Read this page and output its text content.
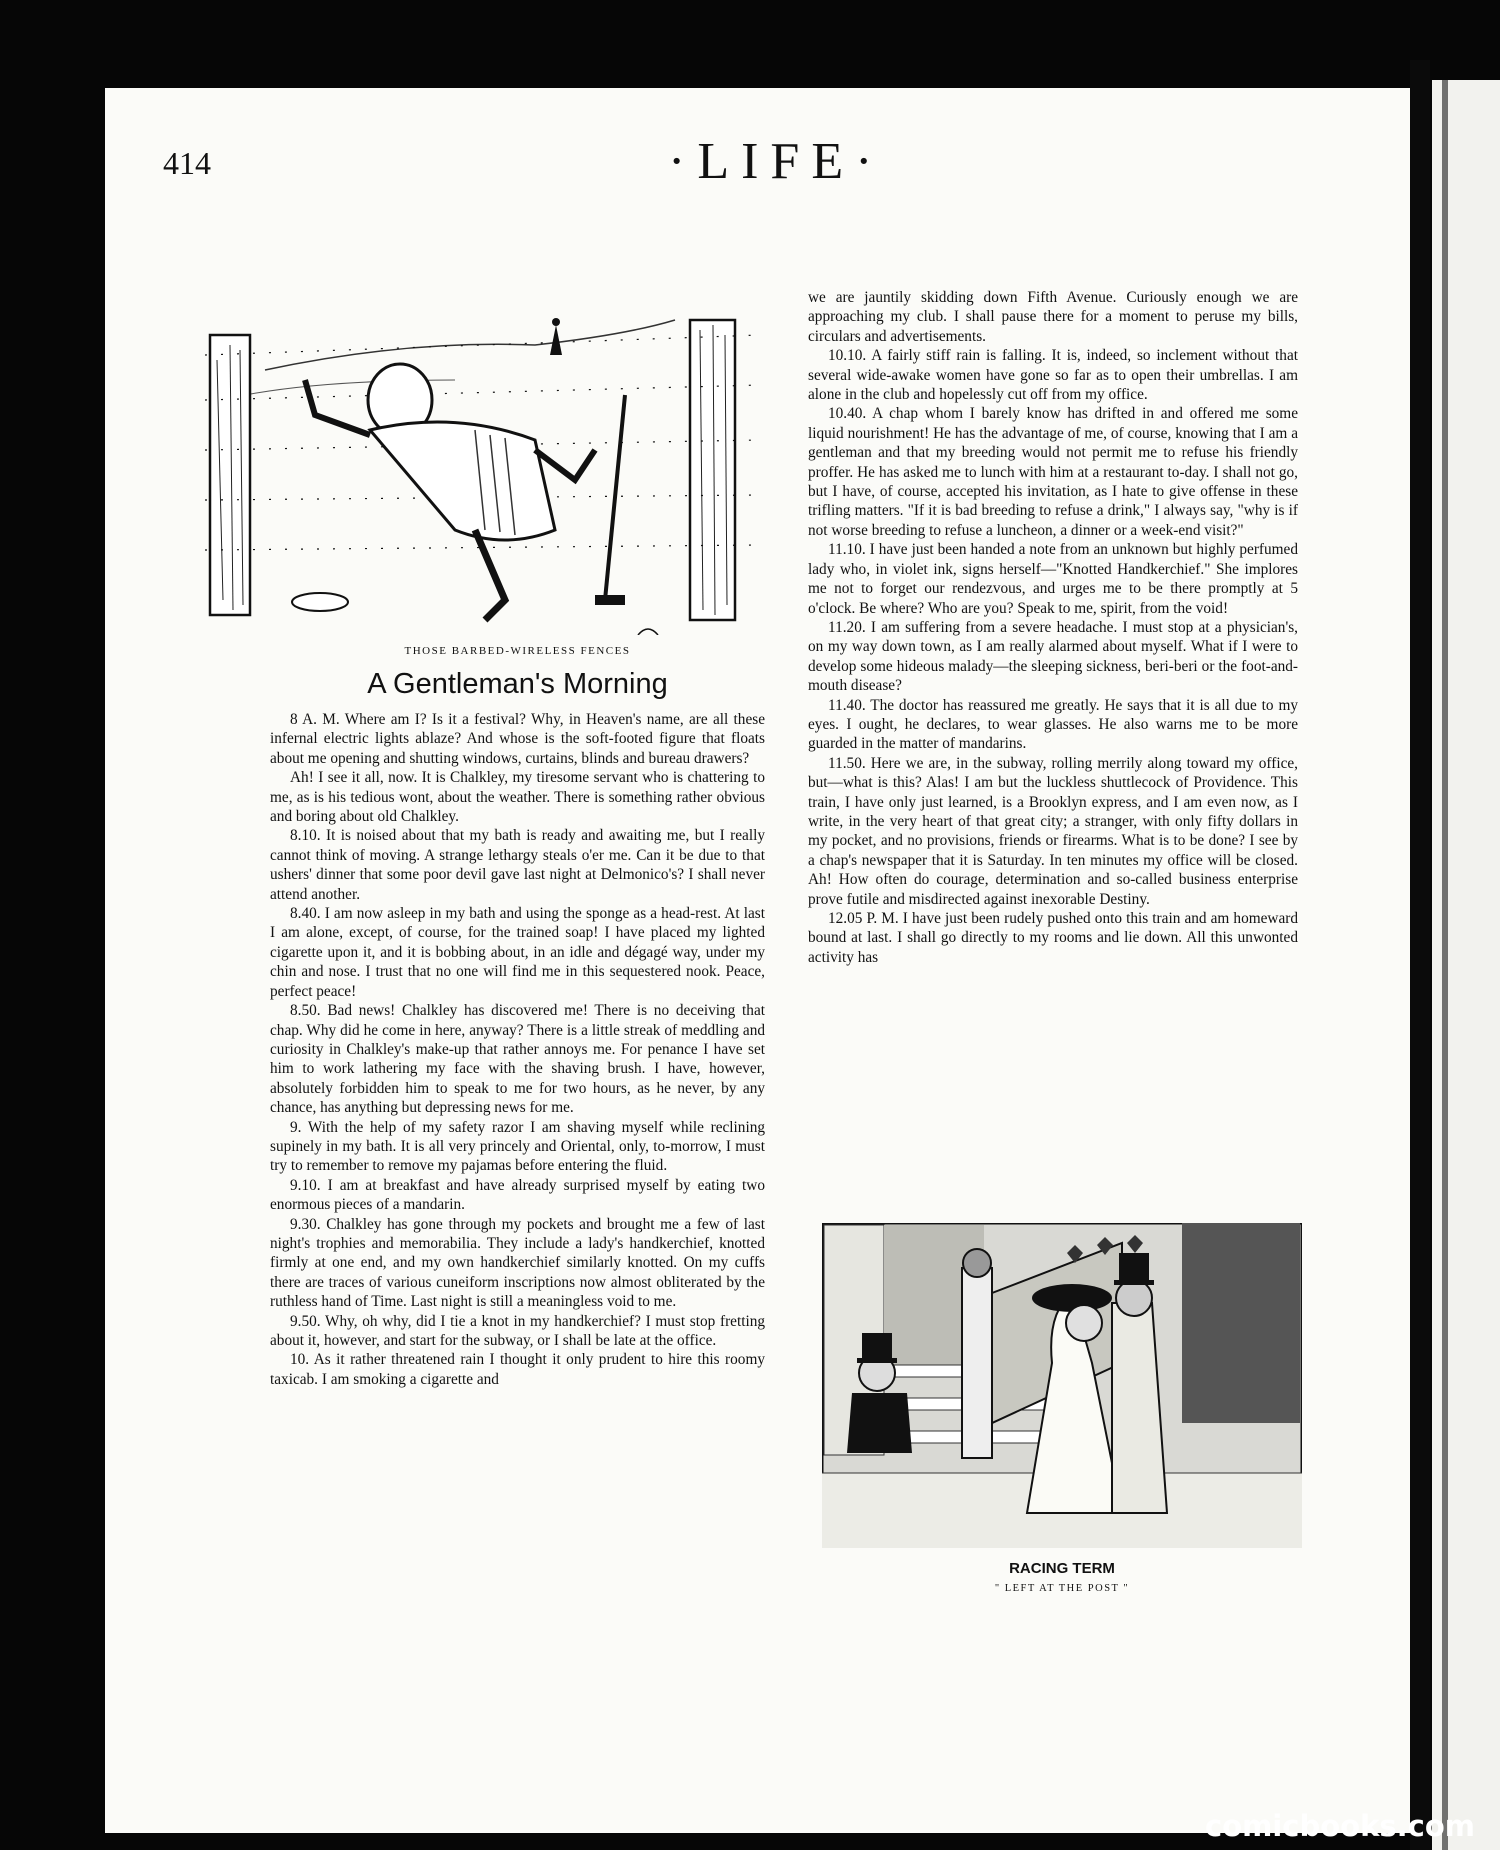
414	·LIFE·
THOSE BARBED-WIRELESS FENCES
A Gentleman's Morning

8 A. M. Where am I? Is it a festival? Why, in Heaven's name, are all these infernal electric lights ablaze? And whose is the soft-footed figure that floats about me opening and shutting windows, curtains, blinds and bureau drawers?

Ah! I see it all, now. It is Chalkley, my tiresome servant who is chattering to me, as is his tedious wont, about the weather. There is something rather obvious and boring about old Chalkley.

8.10. It is noised about that my bath is ready and awaiting me, but I really cannot think of moving. A strange lethargy steals o'er me. Can it be due to that ushers' dinner that some poor devil gave last night at Delmonico's? I shall never attend another.

8.40. I am now asleep in my bath and using the sponge as a head-rest. At last I am alone, except, of course, for the trained soap! I have placed my lighted cigarette upon it, and it is bobbing about, in an idle and dégagé way, under my chin and nose. I trust that no one will find me in this sequestered nook. Peace, perfect peace!

8.50. Bad news! Chalkley has discovered me! There is no deceiving that chap. Why did he come in here, anyway? There is a little streak of meddling and curiosity in Chalkley's make-up that rather annoys me. For penance I have set him to work lathering my face with the shaving brush. I have, however, absolutely forbidden him to speak to me for two hours, as he never, by any chance, has anything but depressing news for me.

9. With the help of my safety razor I am shaving myself while reclining supinely in my bath. It is all very princely and Oriental, only, to-morrow, I must try to remember to remove my pajamas before entering the fluid.

9.10. I am at breakfast and have already surprised myself by eating two enormous pieces of a mandarin.

9.30. Chalkley has gone through my pockets and brought me a few of last night's trophies and memorabilia. They include a lady's handkerchief, knotted firmly at one end, and my own handkerchief similarly knotted. On my cuffs there are traces of various cuneiform inscriptions now almost obliterated by the ruthless hand of Time. Last night is still a meaningless void to me.

9.50. Why, oh why, did I tie a knot in my handkerchief? I must stop fretting about it, however, and start for the subway, or I shall be late at the office.

10. As it rather threatened rain I thought it only prudent to hire this roomy taxicab. I am smoking a cigarette and

we are jauntily skidding down Fifth Avenue. Curiously enough we are approaching my club. I shall pause there for a moment to peruse my bills, circulars and advertisements.

10.10. A fairly stiff rain is falling. It is, indeed, so inclement without that several wide-awake women have gone so far as to open their umbrellas. I am alone in the club and hopelessly cut off from my office.

10.40. A chap whom I barely know has drifted in and offered me some liquid nourishment! He has the advantage of me, of course, knowing that I am a gentleman and that my breeding would not permit me to refuse his friendly proffer. He has asked me to lunch with him at a restaurant to-day. I shall not go, but I have, of course, accepted his invitation, as I hate to give offense in these trifling matters. "If it is bad breeding to refuse a drink," I always say, "why is if not worse breeding to refuse a luncheon, a dinner or a week-end visit?"

11.10. I have just been handed a note from an unknown but highly perfumed lady who, in violet ink, signs herself—"Knotted Handkerchief." She implores me not to forget our rendezvous, and urges me to be there promptly at 5 o'clock. Be where? Who are you? Speak to me, spirit, from the void!

11.20. I am suffering from a severe headache. I must stop at a physician's, on my way down town, as I am really alarmed about myself. What if I were to develop some hideous malady—the sleeping sickness, beri-beri or the foot-and-mouth disease?

11.40. The doctor has reassured me greatly. He says that it is all due to my eyes. I ought, he declares, to wear glasses. He also warns me to be more guarded in the matter of mandarins.

11.50. Here we are, in the subway, rolling merrily along toward my office, but—what is this? Alas! I am but the luckless shuttlecock of Providence. This train, I have only just learned, is a Brooklyn express, and I am even now, as I write, in the very heart of that great city; a stranger, with only fifty dollars in my pocket, and no provisions, friends or firearms. What is to be done? I see by a chap's newspaper that it is Saturday. In ten minutes my office will be closed. Ah! How often do courage, determination and so-called business enterprise prove futile and misdirected against inexorable Destiny.

12.05 P. M. I have just been rudely pushed onto this train and am homeward bound at last. I shall go directly to my rooms and lie down. All this unwonted activity has

RACING TERM
" LEFT AT THE POST "
comicbooks.com
